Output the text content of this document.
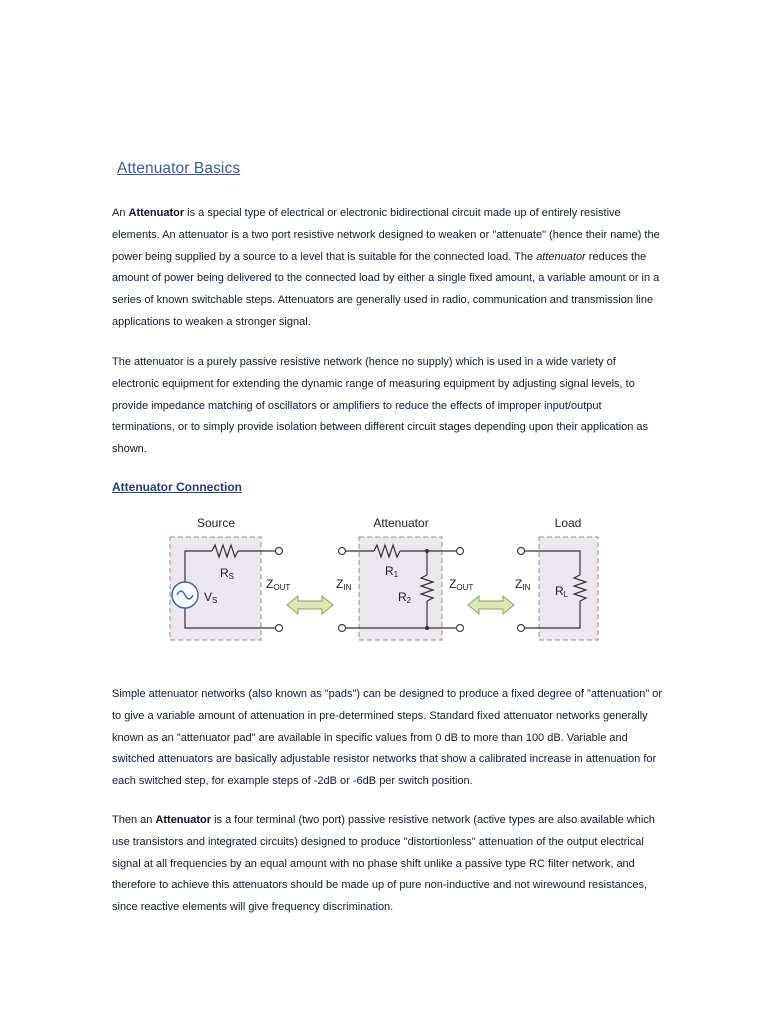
Attenuator Basics
An Attenuator is a special type of electrical or electronic bidirectional circuit made up of entirely resistive elements. An attenuator is a two port resistive network designed to weaken or "attenuate" (hence their name) the power being supplied by a source to a level that is suitable for the connected load. The attenuator reduces the amount of power being delivered to the connected load by either a single fixed amount, a variable amount or in a series of known switchable steps. Attenuators are generally used in radio, communication and transmission line applications to weaken a stronger signal.
The attenuator is a purely passive resistive network (hence no supply) which is used in a wide variety of electronic equipment for extending the dynamic range of measuring equipment by adjusting signal levels, to provide impedance matching of oscillators or amplifiers to reduce the effects of improper input/output terminations, or to simply provide isolation between different circuit stages depending upon their application as shown.
Attenuator Connection
Source	Attenuator	Load
RS
VS
ZOUT	ZIN
R1
R2
ZOUT	ZIN RL
Simple attenuator networks (also known as "pads") can be designed to produce a fixed degree of "attenuation" or to give a variable amount of attenuation in pre-determined steps. Standard fixed attenuator networks generally known as an "attenuator pad" are available in specific values from 0 dB to more than 100 dB. Variable and switched attenuators are basically adjustable resistor networks that show a calibrated increase in attenuation for each switched step, for example steps of -2dB or -6dB per switch position.
Then an Attenuator is a four terminal (two port) passive resistive network (active types are also available which use transistors and integrated circuits) designed to produce "distortionless" attenuation of the output electrical signal at all frequencies by an equal amount with no phase shift unlike a passive type RC filter network, and therefore to achieve this attenuators should be made up of pure non-inductive and not wirewound resistances, since reactive elements will give frequency discrimination.
